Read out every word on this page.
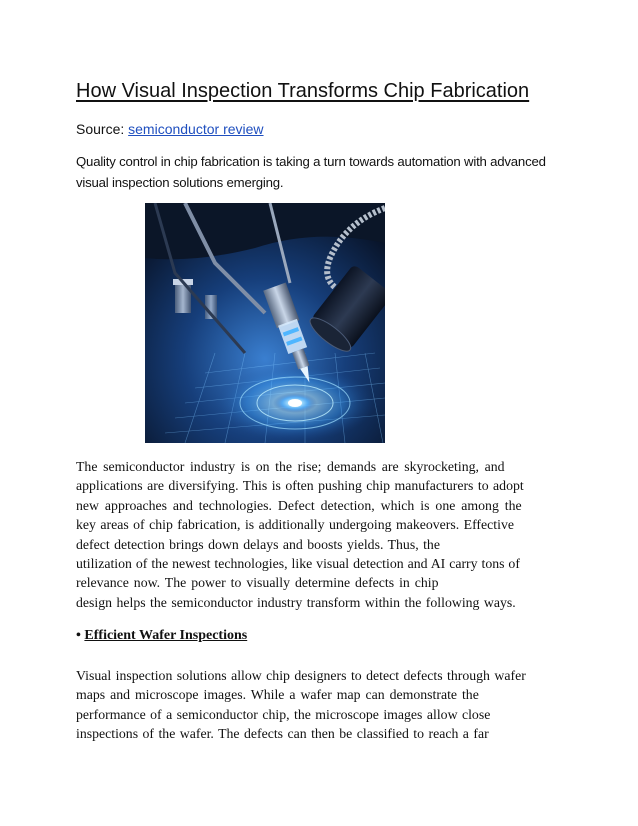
How Visual Inspection Transforms Chip Fabrication
Source: semiconductor review
Quality control in chip fabrication is taking a turn towards automation with advanced visual inspection solutions emerging.
The semiconductor industry is on the rise; demands are skyrocketing, and
applications are diversifying. This is often pushing chip manufacturers to adopt
new approaches and technologies. Defect detection, which is one among the
key areas of chip fabrication, is additionally undergoing makeovers. Effective
defect detection brings down delays and boosts yields. Thus, the
utilization of the newest technologies, like visual detection and AI carry tons of
relevance now. The power to visually determine defects in chip
design helps the semiconductor industry transform within the following ways.
• Efficient Wafer Inspections
Visual inspection solutions allow chip designers to detect defects through wafer
maps and microscope images. While a wafer map can demonstrate the
performance of a semiconductor chip, the microscope images allow close
inspections of the wafer. The defects can then be classified to reach a far
